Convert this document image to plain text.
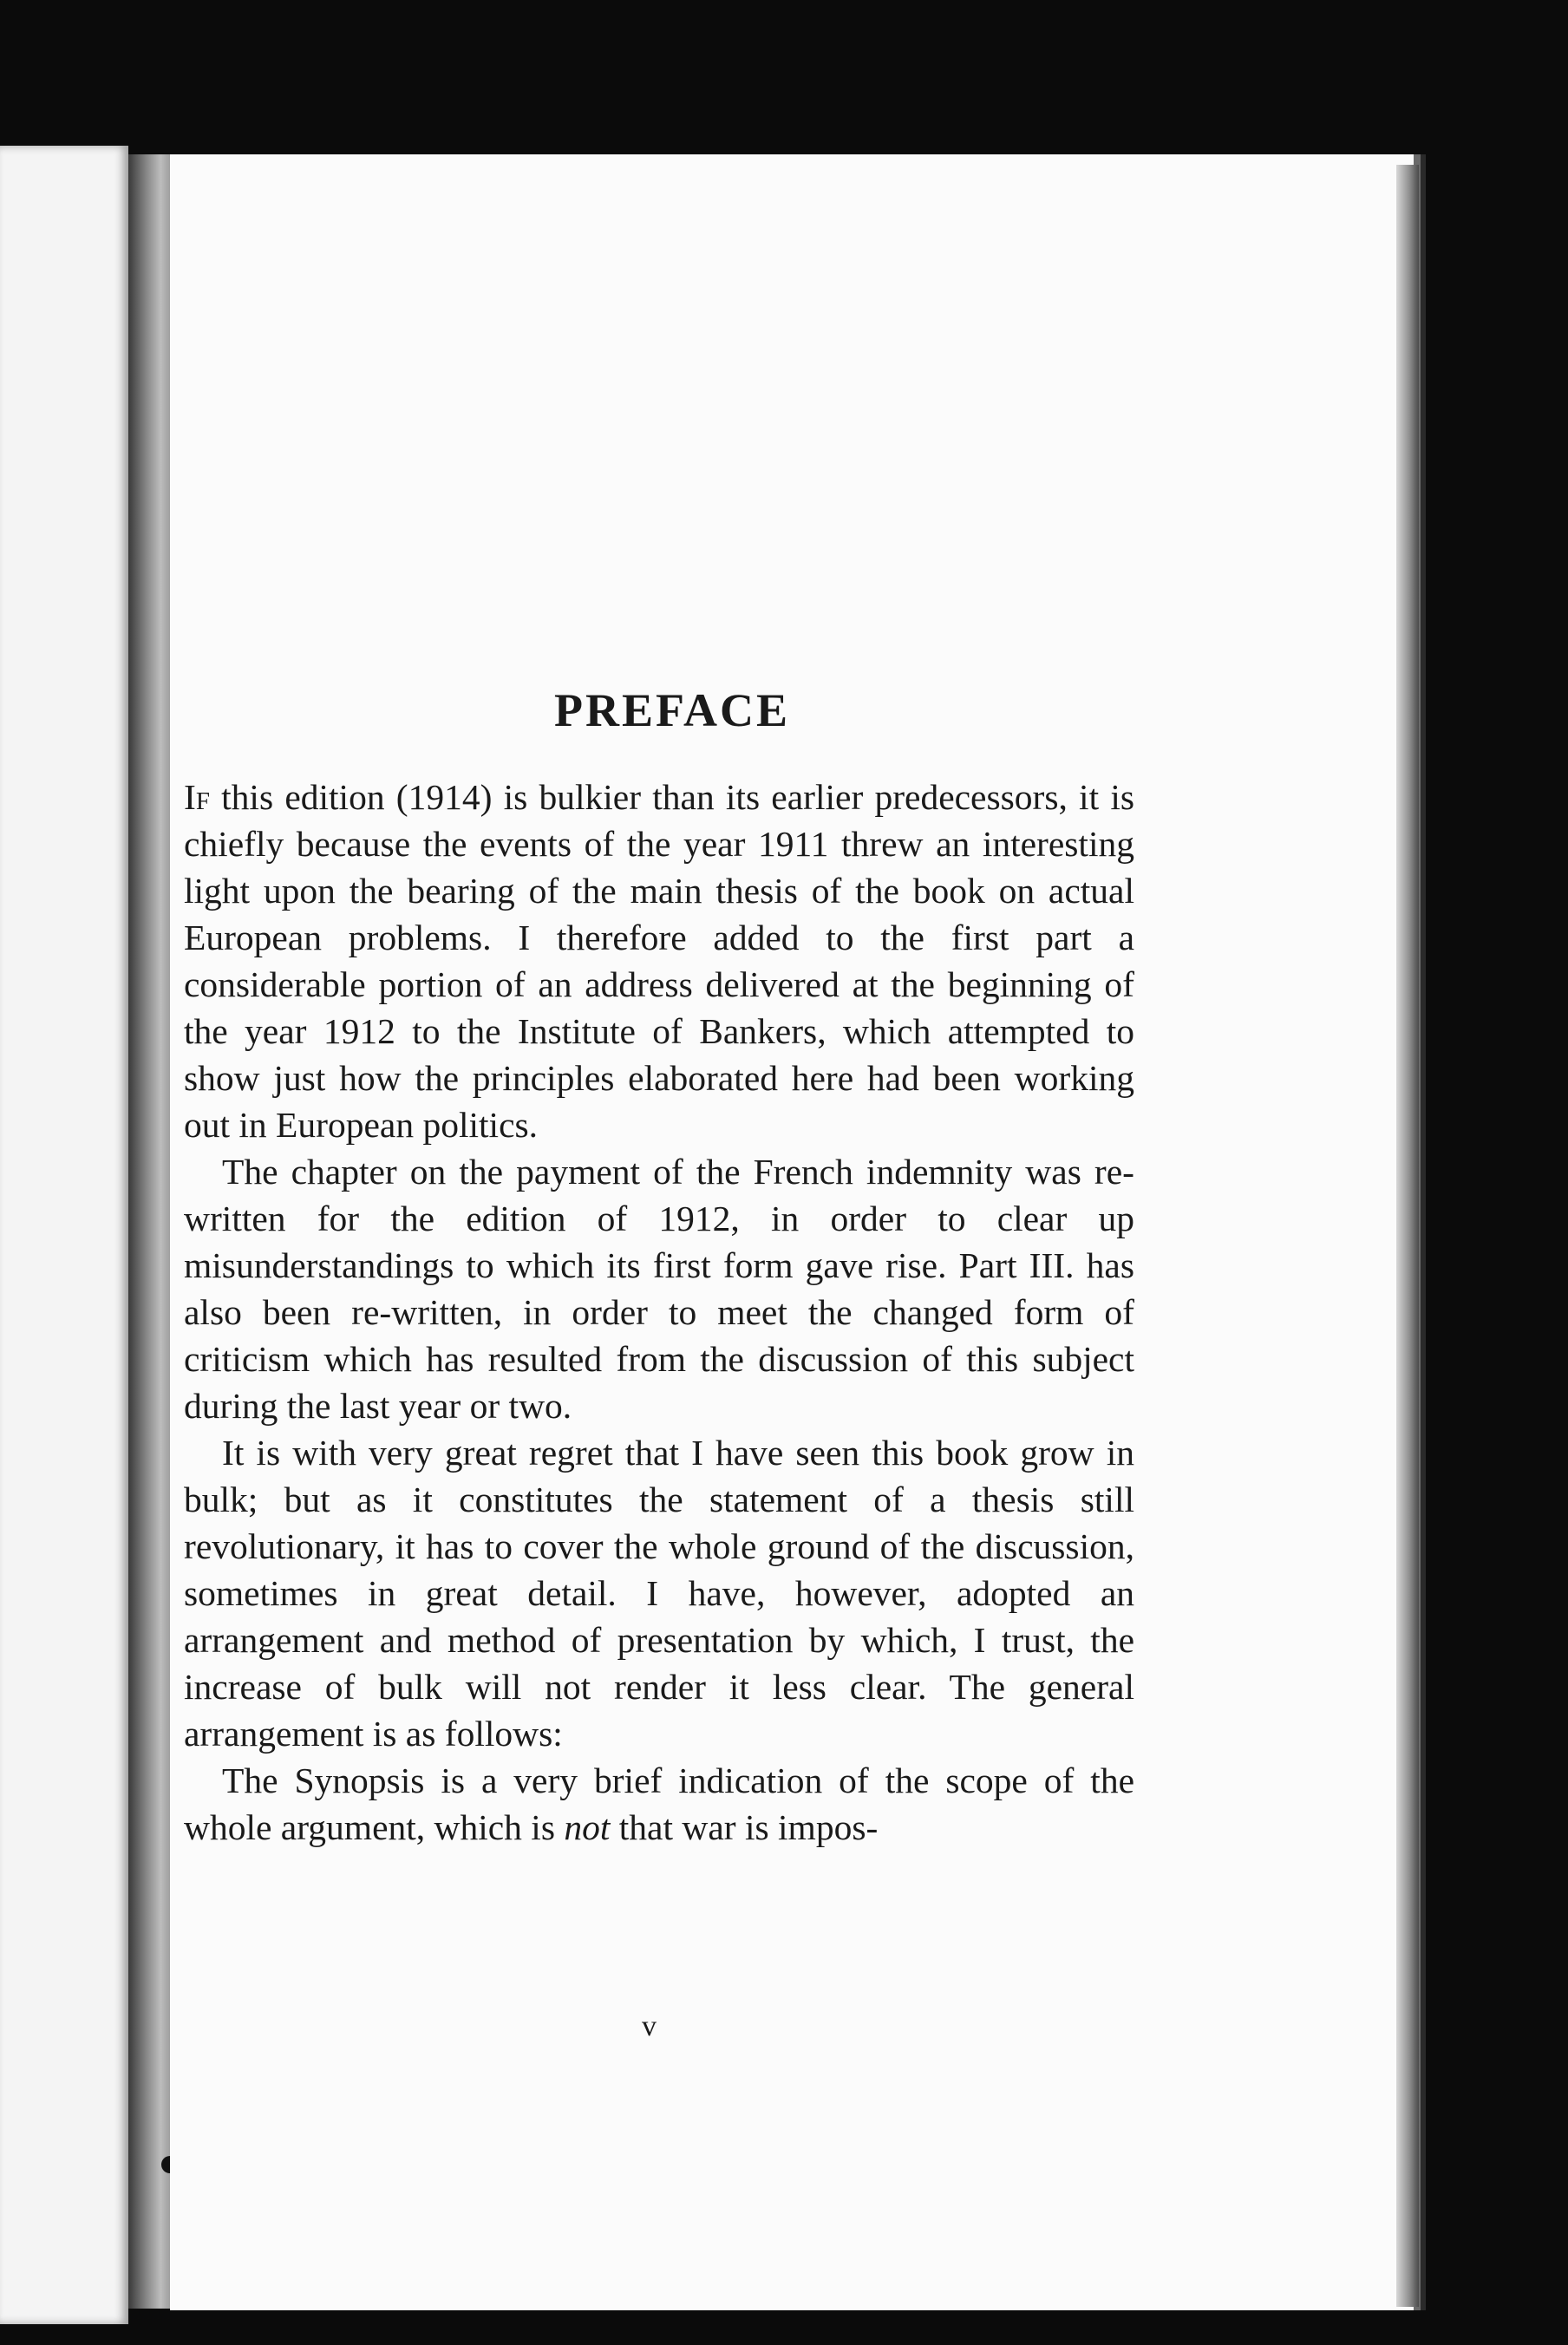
PREFACE

If this edition (1914) is bulkier than its earlier predecessors, it is chiefly because the events of the year 1911 threw an interesting light upon the bearing of the main thesis of the book on actual European problems. I therefore added to the first part a considerable portion of an address delivered at the beginning of the year 1912 to the Institute of Bankers, which attempted to show just how the principles elaborated here had been working out in European politics.

The chapter on the payment of the French indemnity was re-written for the edition of 1912, in order to clear up misunderstandings to which its first form gave rise. Part III. has also been re-written, in order to meet the changed form of criticism which has resulted from the discussion of this subject during the last year or two.

It is with very great regret that I have seen this book grow in bulk; but as it constitutes the statement of a thesis still revolutionary, it has to cover the whole ground of the discussion, sometimes in great detail. I have, however, adopted an arrangement and method of presentation by which, I trust, the increase of bulk will not render it less clear. The general arrangement is as follows:

The Synopsis is a very brief indication of the scope of the whole argument, which is not that war is impos-

v
